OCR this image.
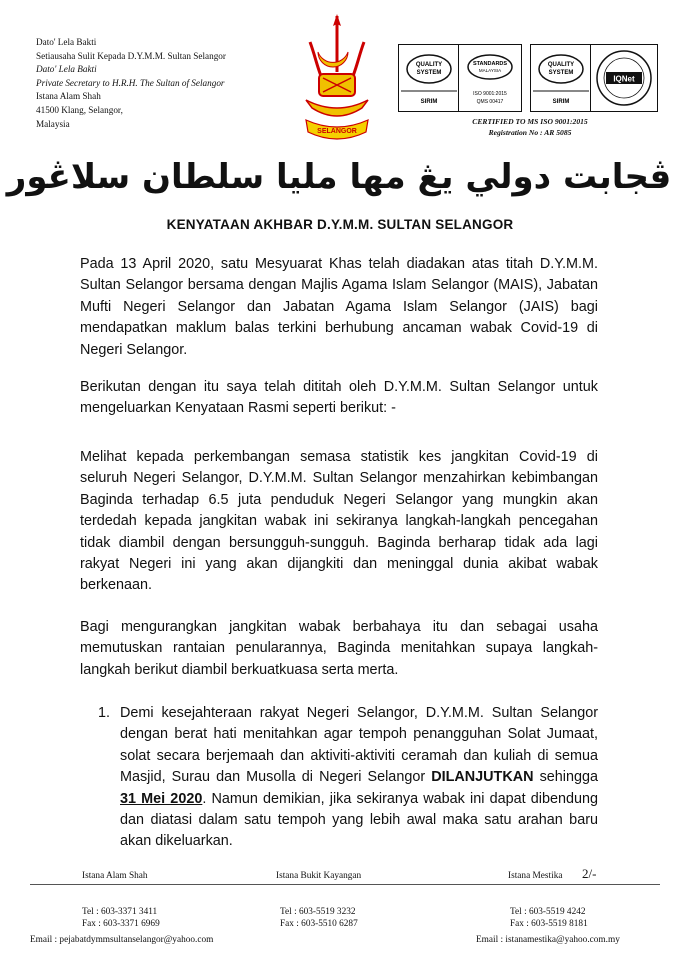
Dato' Lela Bakti
Setiausaha Sulit Kepada D.Y.M.M. Sultan Selangor
Dato' Lela Bakti
Private Secretary to H.R.H. The Sultan of Selangor
Istana Alam Shah
41500 Klang, Selangor,
Malaysia
SELANGOR
QUALITY
SYSTEM
SIRIM
STANDARDS
MALAYSIA
ISO 9001:2015
QMS 00417
QUALITY
SYSTEM
SIRIM
IQNet
CERTIFIED TO MS ISO 9001:2015
Registration No : AR 5085
ڤجابت دولي يڠ مها مليا سلطان سلاڠور
KENYATAAN AKHBAR D.Y.M.M. SULTAN SELANGOR

Pada 13 April 2020, satu Mesyuarat Khas telah diadakan atas titah D.Y.M.M. Sultan Selangor bersama dengan Majlis Agama Islam Selangor (MAIS), Jabatan Mufti Negeri Selangor dan Jabatan Agama Islam Selangor (JAIS) bagi mendapatkan maklum balas terkini berhubung ancaman wabak Covid-19 di Negeri Selangor.

Berikutan dengan itu saya telah dititah oleh D.Y.M.M. Sultan Selangor untuk mengeluarkan Kenyataan Rasmi seperti berikut: -

Melihat kepada perkembangan semasa statistik kes jangkitan Covid-19 di seluruh Negeri Selangor, D.Y.M.M. Sultan Selangor menzahirkan kebimbangan Baginda terhadap 6.5 juta penduduk Negeri Selangor yang mungkin akan terdedah kepada jangkitan wabak ini sekiranya langkah-langkah pencegahan tidak diambil dengan bersungguh-sungguh. Baginda berharap tidak ada lagi rakyat Negeri ini yang akan dijangkiti dan meninggal dunia akibat wabak berkenaan.

Bagi mengurangkan jangkitan wabak berbahaya itu dan sebagai usaha memutuskan rantaian penularannya, Baginda menitahkan supaya langkah-langkah berikut diambil berkuatkuasa serta merta.

1. Demi kesejahteraan rakyat Negeri Selangor, D.Y.M.M. Sultan Selangor dengan berat hati menitahkan agar tempoh penangguhan Solat Jumaat, solat secara berjemaah dan aktiviti-aktiviti ceramah dan kuliah di semua Masjid, Surau dan Musolla di Negeri Selangor DILANJUTKAN sehingga 31 Mei 2020. Namun demikian, jika sekiranya wabak ini dapat dibendung dan diatasi dalam satu tempoh yang lebih awal maka satu arahan baru akan dikeluarkan.
2/-
Istana Alam Shah	Istana Bukit Kayangan	Istana Mestika
Tel : 603-3371 3411
Fax : 603-3371 6969
Tel : 603-5519 3232
Fax : 603-5510 6287
Tel : 603-5519 4242
Fax : 603-5519 8181
Email : pejabatdymmsultanselangor@yahoo.com	Email : istanamestika@yahoo.com.my
